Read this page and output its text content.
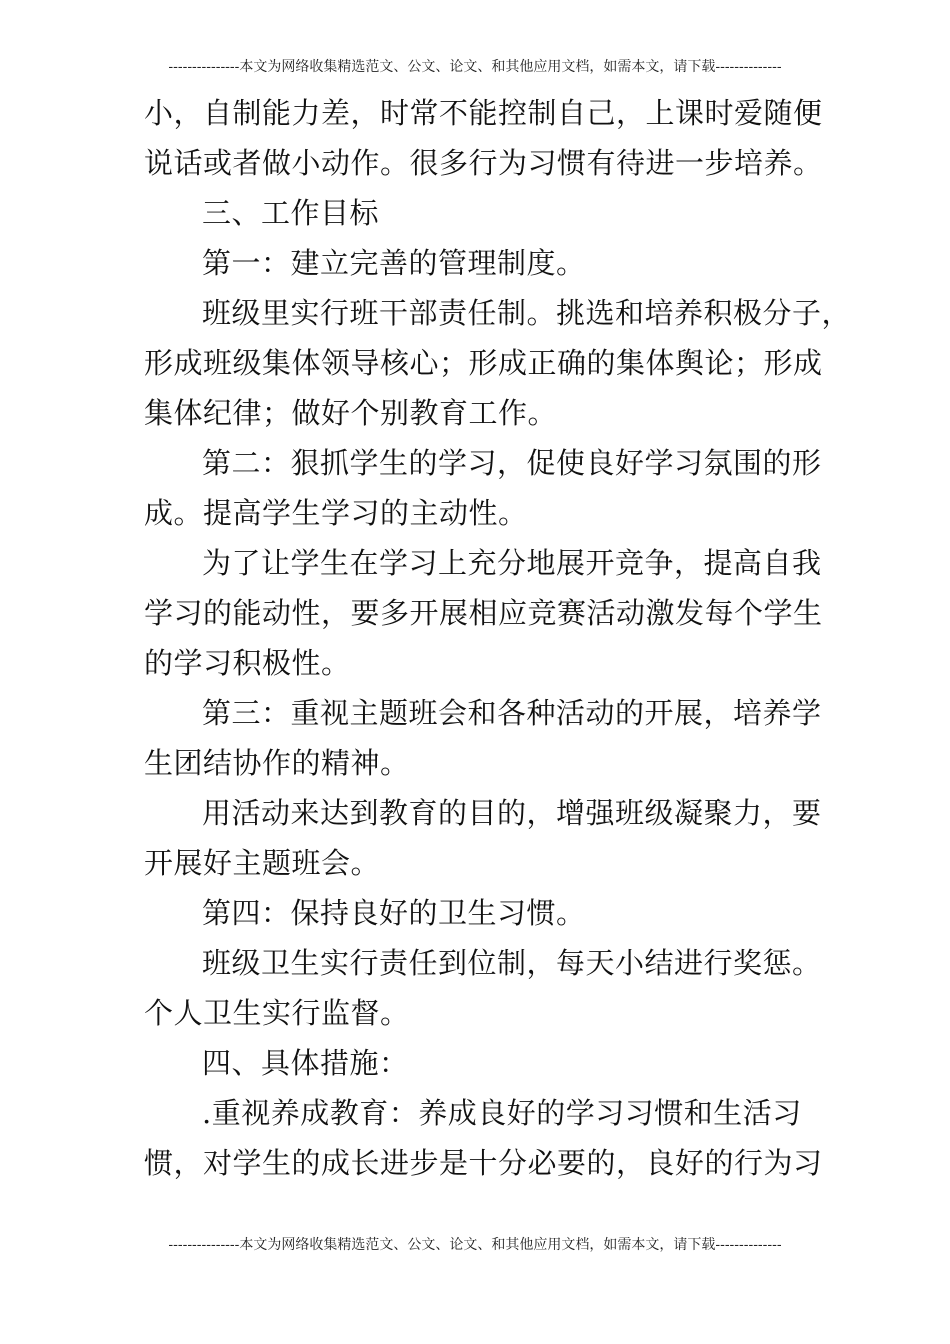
---------------本文为网络收集精选范文、公文、论文、和其他应用文档，如需本文，请下载--------------
小，自制能力差，时常不能控制自己，上课时爱随便
说话或者做小动作。很多行为习惯有待进一步培养。
三、工作目标
第一：建立完善的管理制度。
班级里实行班干部责任制。挑选和培养积极分子，
形成班级集体领导核心；形成正确的集体舆论；形成
集体纪律；做好个别教育工作。
第二：狠抓学生的学习，促使良好学习氛围的形
成。提高学生学习的主动性。
为了让学生在学习上充分地展开竞争，提高自我
学习的能动性，要多开展相应竞赛活动激发每个学生
的学习积极性。
第三：重视主题班会和各种活动的开展，培养学
生团结协作的精神。
用活动来达到教育的目的，增强班级凝聚力，要
开展好主题班会。
第四：保持良好的卫生习惯。
班级卫生实行责任到位制，每天小结进行奖惩。
个人卫生实行监督。
四、具体措施：
.重视养成教育：养成良好的学习习惯和生活习
惯，对学生的成长进步是十分必要的，良好的行为习
---------------本文为网络收集精选范文、公文、论文、和其他应用文档，如需本文，请下载--------------
